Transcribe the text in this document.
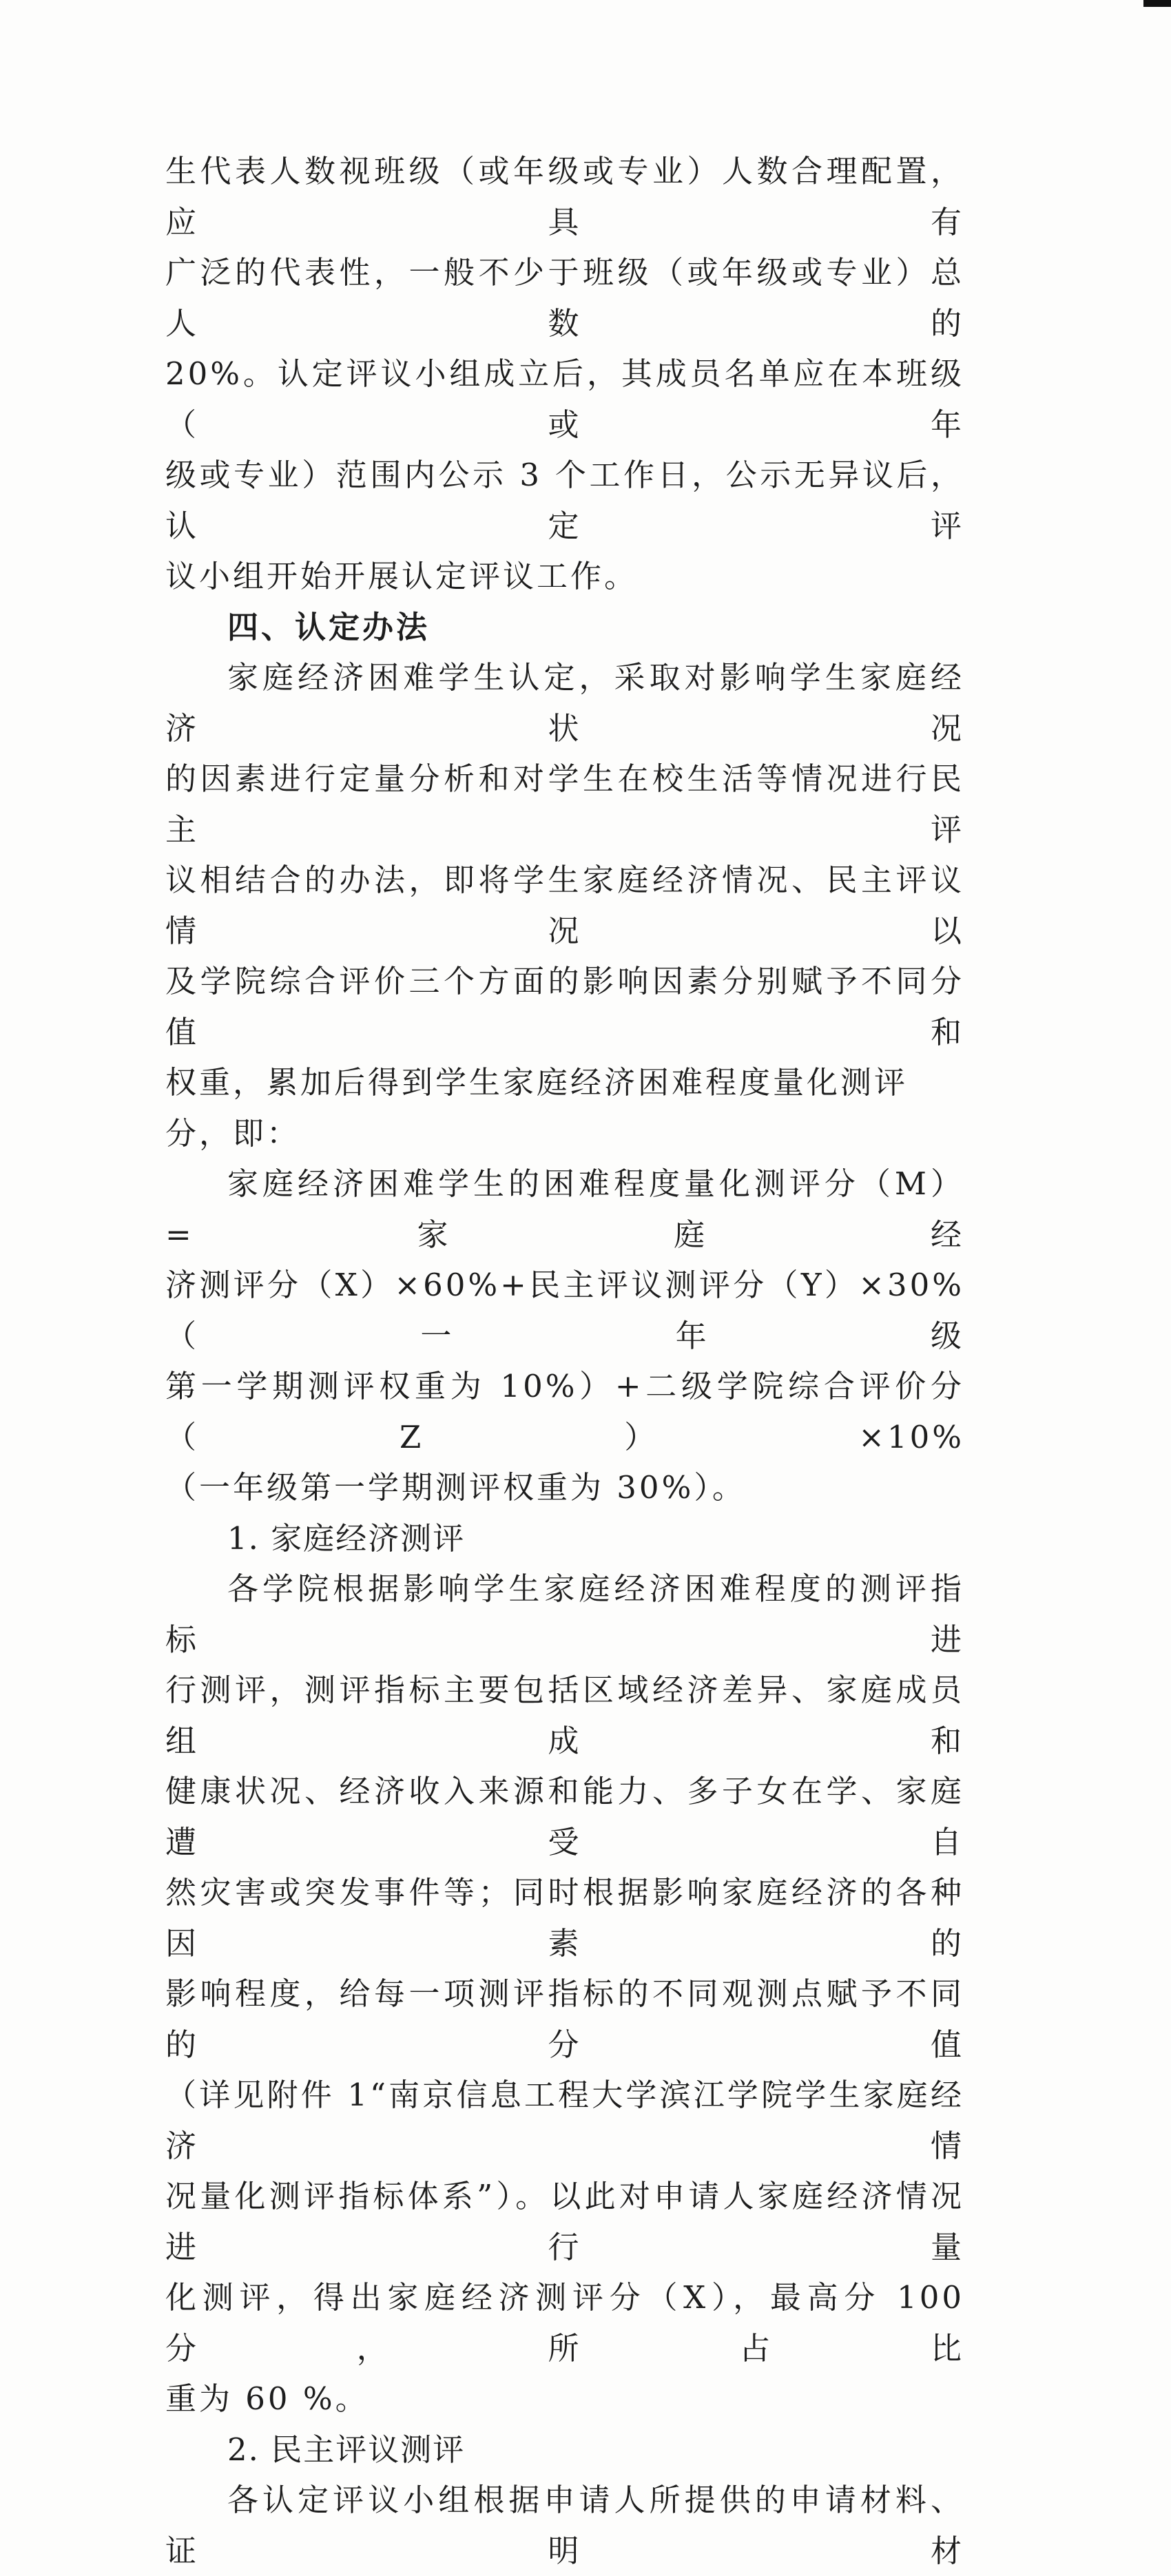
生代表人数视班级（或年级或专业）人数合理配置，应具有
广泛的代表性，一般不少于班级（或年级或专业）总人数的
20%。认定评议小组成立后，其成员名单应在本班级（或年
级或专业）范围内公示 3 个工作日，公示无异议后，认定评
议小组开始开展认定评议工作。

四、认定办法

家庭经济困难学生认定，采取对影响学生家庭经济状况
的因素进行定量分析和对学生在校生活等情况进行民主评
议相结合的办法，即将学生家庭经济情况、民主评议情况以
及学院综合评价三个方面的影响因素分别赋予不同分值和
权重，累加后得到学生家庭经济困难程度量化测评分，即：

家庭经济困难学生的困难程度量化测评分（M）=家庭经
济测评分（X）×60%+民主评议测评分（Y）×30%（一年级
第一学期测评权重为 10%）+二级学院综合评价分（Z）×10%
（一年级第一学期测评权重为 30%）。

1. 家庭经济测评

各学院根据影响学生家庭经济困难程度的测评指标进
行测评，测评指标主要包括区域经济差异、家庭成员组成和
健康状况、经济收入来源和能力、多子女在学、家庭遭受自
然灾害或突发事件等；同时根据影响家庭经济的各种因素的
影响程度，给每一项测评指标的不同观测点赋予不同的分值
（详见附件 1“南京信息工程大学滨江学院学生家庭经济情
况量化测评指标体系”）。以此对申请人家庭经济情况进行量
化测评，得出家庭经济测评分（X），最高分 100 分，所占比
重为 60 %。

2. 民主评议测评

各认定评议小组根据申请人所提供的申请材料、证明材
